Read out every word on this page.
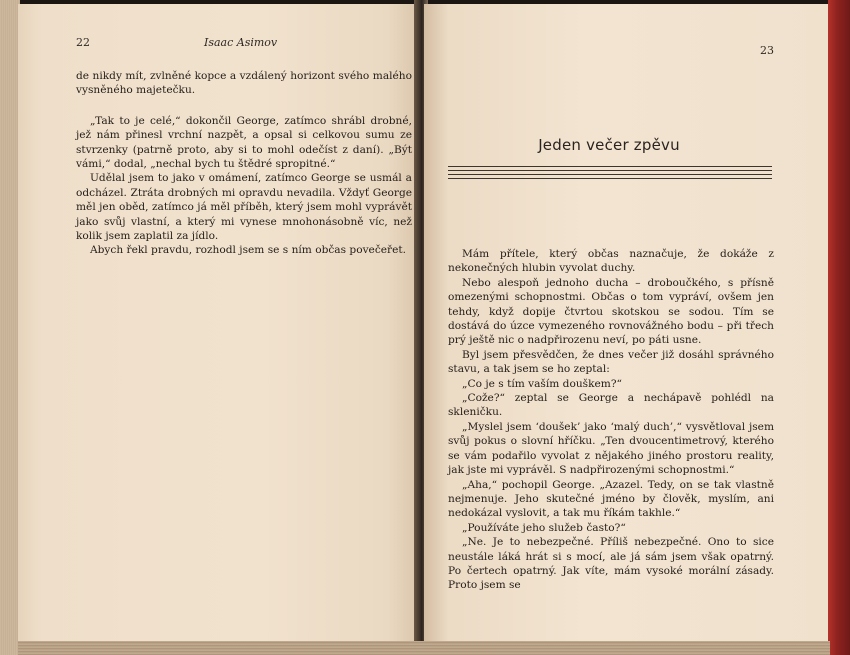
22	Isaac Asimov

de nikdy mít, zvlněné kopce a vzdálený horizont svého malého vysněného majetečku.

„Tak to je celé,“ dokončil George, zatímco shrábl drobné, jež nám přinesl vrchní nazpět, a opsal si celkovou sumu ze stvrzenky (patrně proto, aby si to mohl odečíst z daní). „Být vámi,“ dodal, „nechal bych tu štědré spropitné.“

Udělal jsem to jako v omámení, zatímco George se usmál a odcházel. Ztráta drobných mi opravdu nevadila. Vždyť George měl jen oběd, zatímco já měl příběh, který jsem mohl vyprávět jako svůj vlastní, a který mi vynese mnohonásobně víc, než kolik jsem zaplatil za jídlo.

Abych řekl pravdu, rozhodl jsem se s ním občas povečeřet.

23
Jeden večer zpěvu

Mám přítele, který občas naznačuje, že dokáže z nekonečných hlubin vyvolat duchy.

Nebo alespoň jednoho ducha – droboučkého, s přísně omezenými schopnostmi. Občas o tom vypráví, ovšem jen tehdy, když dopije čtvrtou skotskou se sodou. Tím se dostává do úzce vymezeného rovnovážného bodu – při třech prý ještě nic o nadpřirozenu neví, po páti usne.

Byl jsem přesvědčen, že dnes večer již dosáhl správného stavu, a tak jsem se ho zeptal:

„Co je s tím vaším douškem?“

„Cože?“ zeptal se George a nechápavě pohlédl na skleničku.

„Myslel jsem ‘doušek’ jako ‘malý duch’,“ vysvětloval jsem svůj pokus o slovní hříčku. „Ten dvoucentimetrový, kterého se vám podařilo vyvolat z nějakého jiného prostoru reality, jak jste mi vyprávěl. S nadpřirozenými schopnostmi.“

„Aha,“ pochopil George. „Azazel. Tedy, on se tak vlastně nejmenuje. Jeho skutečné jméno by člověk, myslím, ani nedokázal vyslovit, a tak mu říkám takhle.“

„Používáte jeho služeb často?“

„Ne. Je to nebezpečné. Příliš nebezpečné. Ono to sice neustále láká hrát si s mocí, ale já sám jsem však opatrný. Po čertech opatrný. Jak víte, mám vysoké morální zásady. Proto jsem se
